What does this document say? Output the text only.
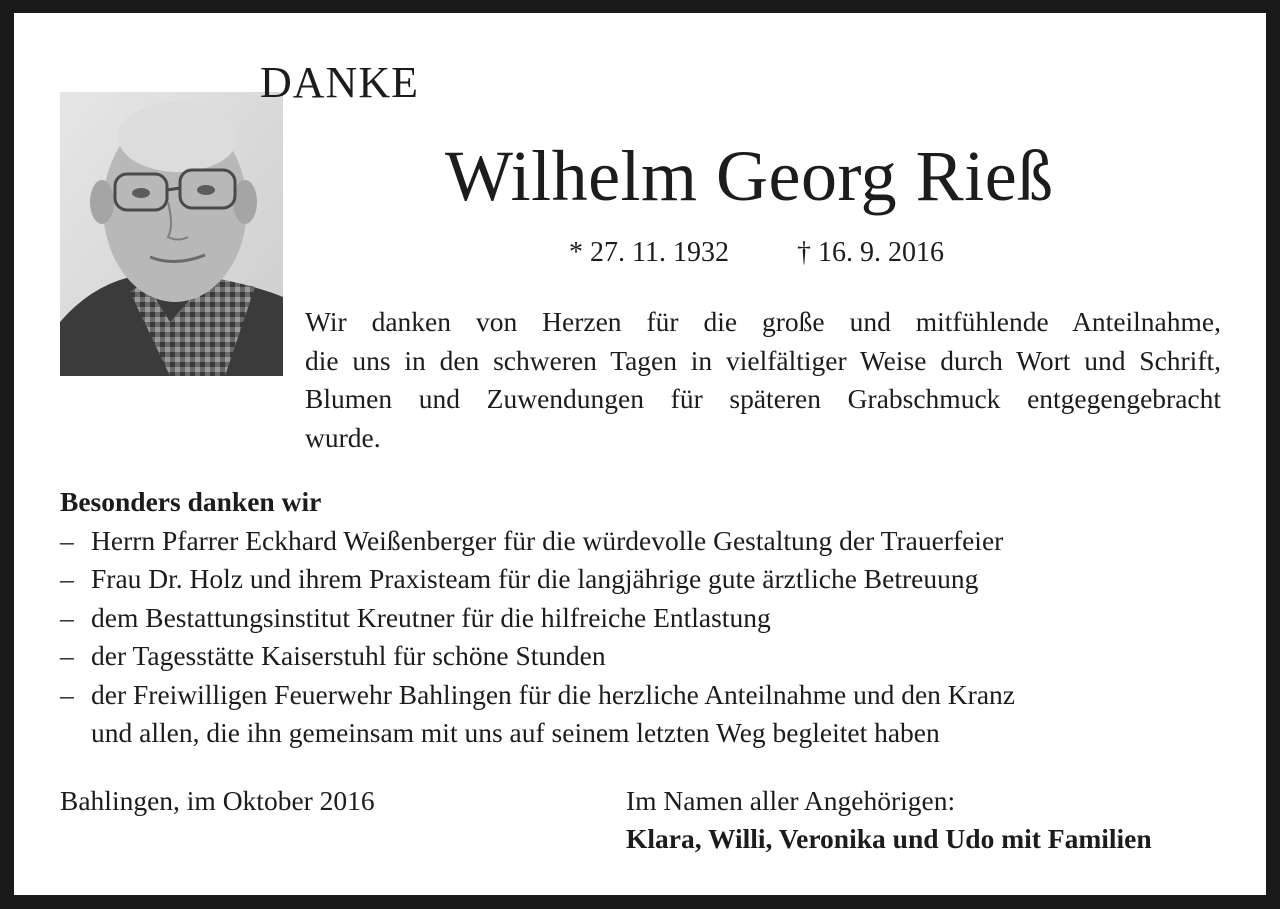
DANKE
Wilhelm Georg Rieß
* 27. 11. 1932 † 16. 9. 2016
Wir danken von Herzen für die große und mitfühlende Anteilnahme,
die uns in den schweren Tagen in vielfältiger Weise durch Wort und Schrift,
Blumen und Zuwendungen für späteren Grabschmuck entgegengebracht
wurde.
Besonders danken wir
– Herrn Pfarrer Eckhard Weißenberger für die würdevolle Gestaltung der Trauerfeier
– Frau Dr. Holz und ihrem Praxisteam für die langjährige gute ärztliche Betreuung
– dem Bestattungsinstitut Kreutner für die hilfreiche Entlastung
– der Tagesstätte Kaiserstuhl für schöne Stunden
– der Freiwilligen Feuerwehr Bahlingen für die herzliche Anteilnahme und den Kranz
und allen, die ihn gemeinsam mit uns auf seinem letzten Weg begleitet haben
Bahlingen, im Oktober 2016	Im Namen aller Angehörigen:
Klara, Willi, Veronika und Udo mit Familien
